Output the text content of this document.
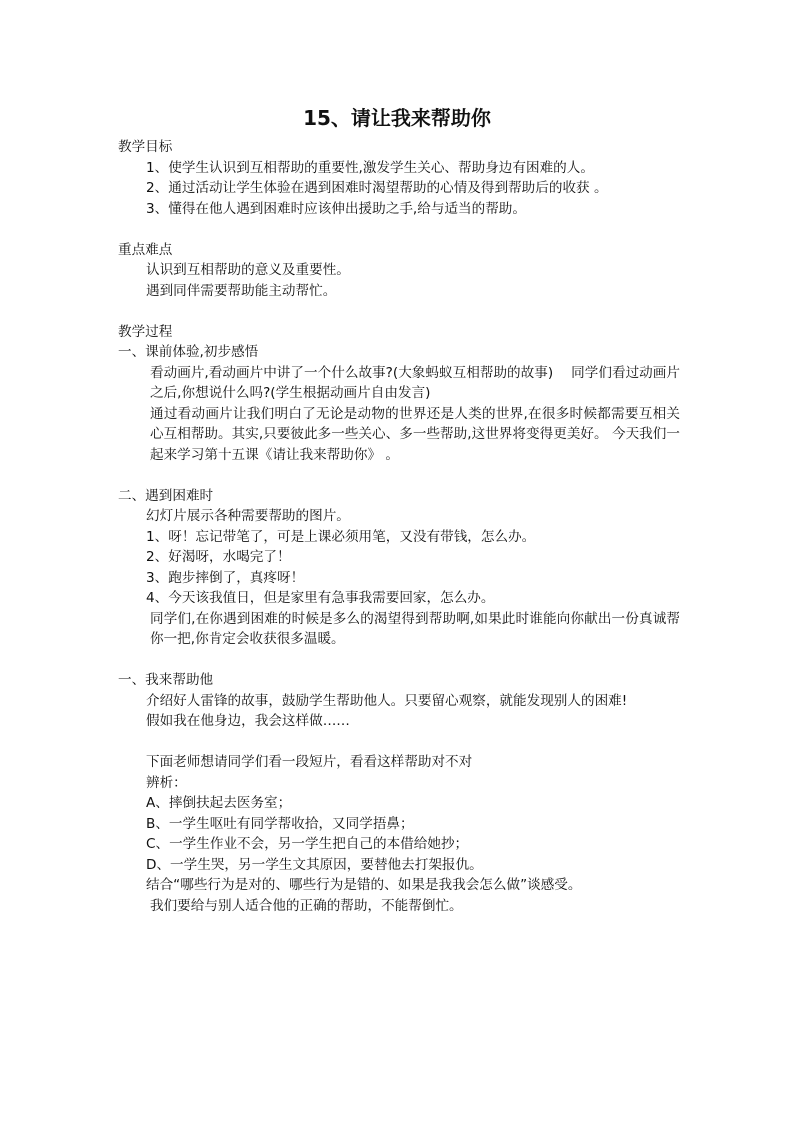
15、请让我来帮助你
教学目标
1、使学生认识到互相帮助的重要性,激发学生关心、帮助身边有困难的人。
2、通过活动让学生体验在遇到困难时渴望帮助的心情及得到帮助后的收获 。
3、懂得在他人遇到困难时应该伸出援助之手,给与适当的帮助。
重点难点
认识到互相帮助的意义及重要性。
遇到同伴需要帮助能主动帮忙。
教学过程
一、课前体验,初步感悟
看动画片,看动画片中讲了一个什么故事?(大象蚂蚁互相帮助的故事)　 同学们看过动画片之后,你想说什么吗?(学生根据动画片自由发言)
通过看动画片让我们明白了无论是动物的世界还是人类的世界,在很多时候都需要互相关心互相帮助。其实,只要彼此多一些关心、多一些帮助,这世界将变得更美好。 今天我们一起来学习第十五课《请让我来帮助你》 。
二、遇到困难时
幻灯片展示各种需要帮助的图片。
1、呀！忘记带笔了，可是上课必须用笔，又没有带钱，怎么办。
2、好渴呀，水喝完了！
3、跑步摔倒了，真疼呀！
4、今天该我值日，但是家里有急事我需要回家，怎么办。
同学们,在你遇到困难的时候是多么的渴望得到帮助啊,如果此时谁能向你献出一份真诚帮你一把,你肯定会收获很多温暖。
一、我来帮助他
介绍好人雷锋的故事，鼓励学生帮助他人。只要留心观察，就能发现别人的困难!
假如我在他身边，我会这样做……
下面老师想请同学们看一段短片，看看这样帮助对不对
辨析：
A、摔倒扶起去医务室；
B、一学生呕吐有同学帮收拾，又同学捂鼻；
C、一学生作业不会，另一学生把自己的本借给她抄；
D、一学生哭，另一学生文其原因，要替他去打架报仇。
结合“哪些行为是对的、哪些行为是错的、如果是我我会怎么做”谈感受。
我们要给与别人适合他的正确的帮助，不能帮倒忙。
